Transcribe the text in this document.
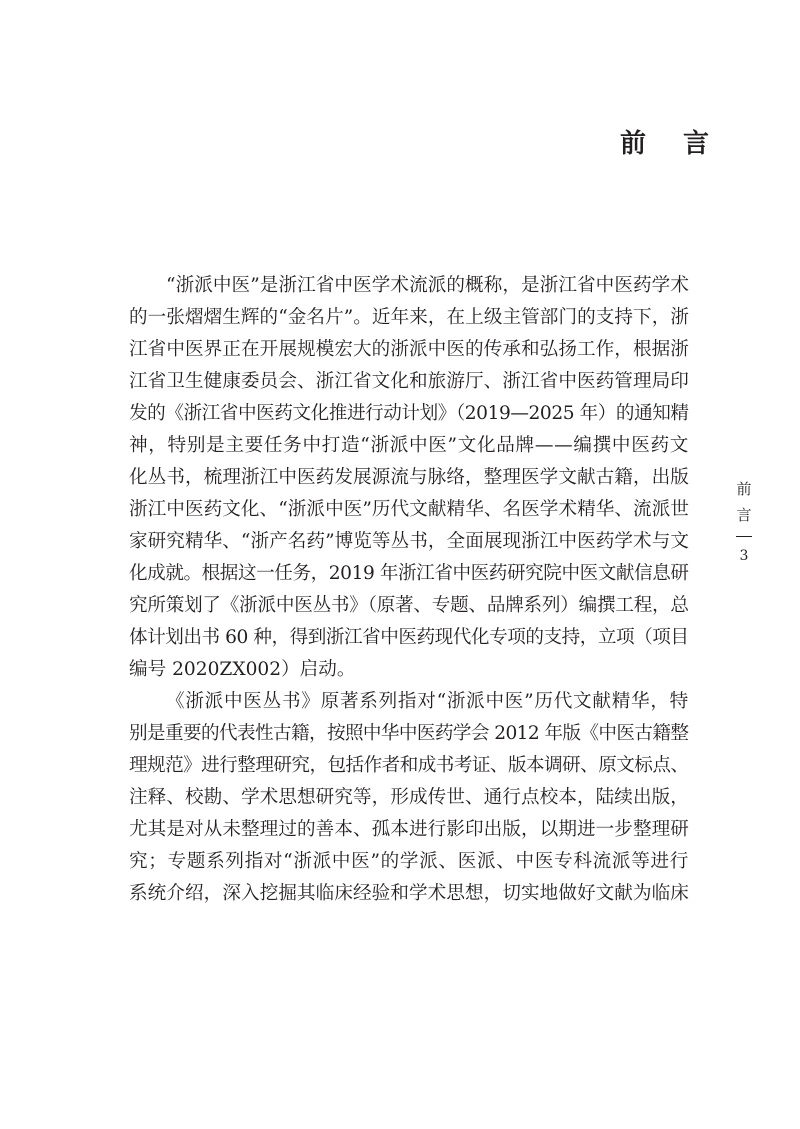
前 言
“浙派中医”是浙江省中医学术流派的概称，是浙江省中医药学术
的一张熠熠生辉的“金名片”。近年来，在上级主管部门的支持下，浙
江省中医界正在开展规模宏大的浙派中医的传承和弘扬工作，根据浙
江省卫生健康委员会、浙江省文化和旅游厅、浙江省中医药管理局印
发的《浙江省中医药文化推进行动计划》（2019—2025 年）的通知精
神，特别是主要任务中打造“浙派中医”文化品牌——编撰中医药文
化丛书，梳理浙江中医药发展源流与脉络，整理医学文献古籍，出版
浙江中医药文化、“浙派中医”历代文献精华、名医学术精华、流派世
家研究精华、“浙产名药”博览等丛书，全面展现浙江中医药学术与文
化成就。根据这一任务，2019 年浙江省中医药研究院中医文献信息研
究所策划了《浙派中医丛书》（原著、专题、品牌系列）编撰工程，总
体计划出书 60 种，得到浙江省中医药现代化专项的支持，立项（项目
编号 2020ZX002）启动。
《浙派中医丛书》原著系列指对“浙派中医”历代文献精华，特
别是重要的代表性古籍，按照中华中医药学会 2012 年版《中医古籍整
理规范》进行整理研究，包括作者和成书考证、版本调研、原文标点、
注释、校勘、学术思想研究等，形成传世、通行点校本，陆续出版，
尤其是对从未整理过的善本、孤本进行影印出版，以期进一步整理研
究；专题系列指对“浙派中医”的学派、医派、中医专科流派等进行
系统介绍，深入挖掘其临床经验和学术思想，切实地做好文献为临床
前
言
3
